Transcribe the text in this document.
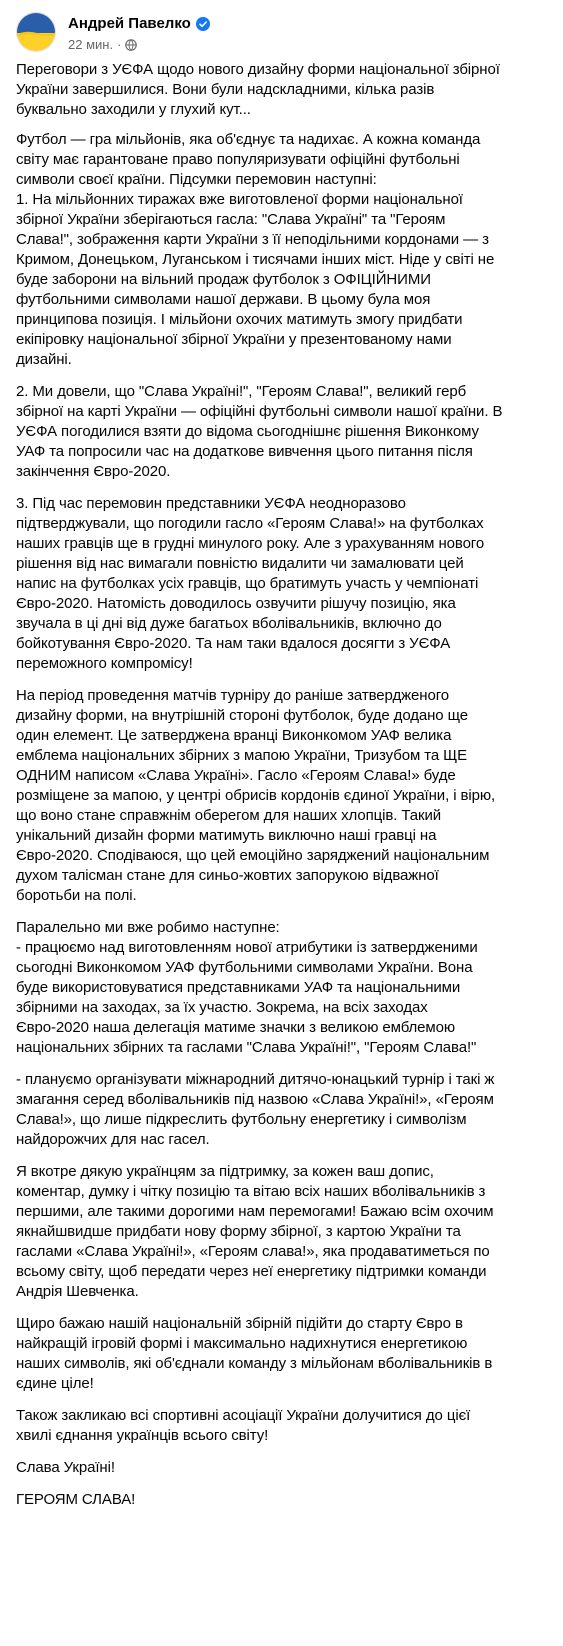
Андрей Павелко
22 мин. ·

Переговори з УЄФА щодо нового дизайну форми національної збірної України завершилися. Вони були надскладними, кілька разів буквально заходили у глухий кут...

Футбол — гра мільйонів, яка об'єднує та надихає. А кожна команда світу має гарантоване право популяризувати офіційні футбольні символи своєї країни. Підсумки перемовин наступні:
1. На мільйонних тиражах вже виготовленої форми національної збірної України зберігаються гасла: "Слава Україні" та "Героям Слава!", зображення карти України з її неподільними кордонами — з Кримом, Донецьком, Луганськом і тисячами інших міст. Ніде у світі не буде заборони на вільний продаж футболок з ОФІЦІЙНИМИ футбольними символами нашої держави. В цьому була моя принципова позиція. І мільйони охочих матимуть змогу придбати екіпіровку національної збірної України у презентованому нами дизайні.

2. Ми довели, що "Слава Україні!", "Героям Слава!", великий герб збірної на карті України — офіційні футбольні символи нашої країни. В УЄФА погодилися взяти до відома сьогоднішнє рішення Виконкому УАФ та попросили час на додаткове вивчення цього питання після закінчення Євро-2020.

3. Під час перемовин представники УЄФА неодноразово підтверджували, що погодили гасло «Героям Слава!» на футболках наших гравців ще в грудні минулого року. Але з урахуванням нового рішення від нас вимагали повністю видалити чи замалювати цей напис на футболках усіх гравців, що братимуть участь у чемпіонаті Євро-2020. Натомість доводилось озвучити рішучу позицію, яка звучала в ці дні від дуже багатьох вболівальників, включно до бойкотування Євро-2020. Та нам таки вдалося досягти з УЄФА переможного компромісу!

На період проведення матчів турніру до раніше затвердженого дизайну форми, на внутрішній стороні футболок, буде додано ще один елемент. Це затверджена вранці Виконкомом УАФ велика емблема національних збірних з мапою України, Тризубом та ЩЕ ОДНИМ написом «Слава Україні». Гасло «Героям Слава!» буде розміщене за мапою, у центрі обрисів кордонів єдиної України, і вірю, що воно стане справжнім оберегом для наших хлопців. Такий унікальний дизайн форми матимуть виключно наші гравці на Євро-2020. Сподіваюся, що цей емоційно заряджений національним духом талісман стане для синьо-жовтих запорукою відважної боротьби на полі.

Паралельно ми вже робимо наступне:
- працюємо над виготовленням нової атрибутики із затвердженими сьогодні Виконкомом УАФ футбольними символами України. Вона буде використовуватися представниками УАФ та національними збірними на заходах, за їх участю. Зокрема, на всіх заходах Євро-2020 наша делегація матиме значки з великою емблемою національних збірних та гаслами "Слава Україні!", "Героям Слава!"

- плануємо організувати міжнародний дитячо-юнацький турнір і такі ж змагання серед вболівальників під назвою «Слава Україні!», «Героям Слава!», що лише підкреслить футбольну енергетику і символізм найдорожчих для нас гасел.

Я вкотре дякую українцям за підтримку, за кожен ваш допис, коментар, думку і чітку позицію та вітаю всіх наших вболівальників з першими, але такими дорогими нам перемогами! Бажаю всім охочим якнайшвидше придбати нову форму збірної, з картою України та гаслами «Слава Україні!», «Героям слава!», яка продаватиметься по всьому світу, щоб передати через неї енергетику підтримки команди Андрія Шевченка.

Щиро бажаю нашій національній збірній підійти до старту Євро в найкращій ігровій формі і максимально надихнутися енергетикою наших символів, які об'єднали команду з мільйонам вболівальників в єдине ціле!

Також закликаю всі спортивні асоціації України долучитися до цієї хвилі єднання українців всього світу!

Слава Україні!

ГЕРОЯМ СЛАВА!
